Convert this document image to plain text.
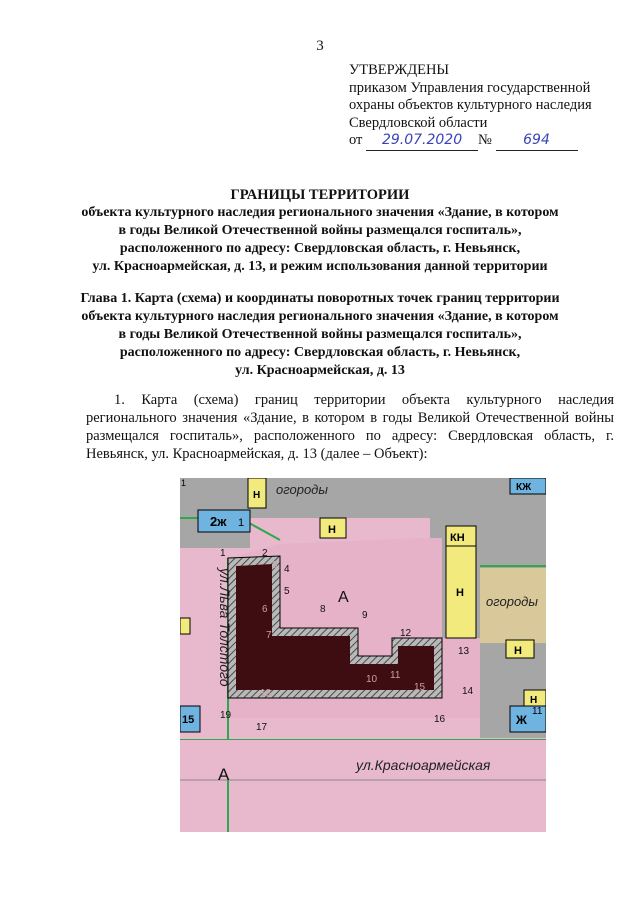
3
УТВЕРЖДЕНЫ
приказом Управления государственной
охраны объектов культурного наследия
Свердловской области
от 29.07.2020 № 694
ГРАНИЦЫ ТЕРРИТОРИИ
объекта культурного наследия регионального значения «Здание, в котором
в годы Великой Отечественной войны размещался госпиталь»,
расположенного по адресу: Свердловская область, г. Невьянск,
ул. Красноармейская, д. 13, и режим использования данной территории
Глава 1. Карта (схема) и координаты поворотных точек границ территории
объекта культурного наследия регионального значения «Здание, в котором
в годы Великой Отечественной войны размещался госпиталь»,
расположенного по адресу: Свердловская область, г. Невьянск,
ул. Красноармейская, д. 13
1. Карта (схема) границ территории объекта культурного наследия регионального значения «Здание, в котором в годы Великой Отечественной войны размещался госпиталь», расположенного по адресу: Свердловская область, г. Невьянск, ул. Красноармейская, д. 13 (далее – Объект):
2ж 1
Н
Н
КН
Н
КЖ
Н
Н
Ж
11
15
1	огороды
огороды
ул.Льва Толстого
ул.Красноармейская
А
А
1	2
3 4
5
6
7
8
9
10 11
12
13
14
15
16
17
18
19
